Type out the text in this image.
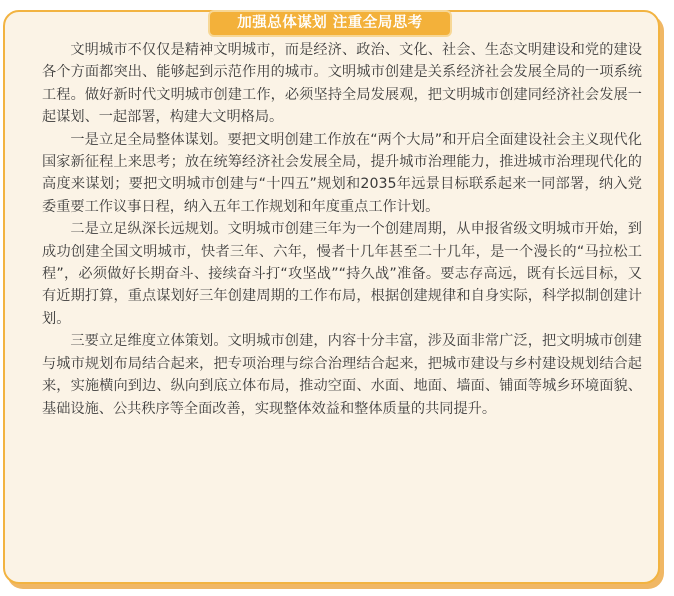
加强总体谋划 注重全局思考

文明城市不仅仅是精神文明城市，而是经济、政治、文化、社会、生态文明建设和党的建设各个方面都突出、能够起到示范作用的城市。文明城市创建是关系经济社会发展全局的一项系统工程。做好新时代文明城市创建工作，必须坚持全局发展观，把文明城市创建同经济社会发展一起谋划、一起部署，构建大文明格局。

一是立足全局整体谋划。要把文明创建工作放在“两个大局”和开启全面建设社会主义现代化国家新征程上来思考；放在统筹经济社会发展全局，提升城市治理能力，推进城市治理现代化的高度来谋划；要把文明城市创建与“十四五”规划和2035年远景目标联系起来一同部署，纳入党委重要工作议事日程，纳入五年工作规划和年度重点工作计划。

二是立足纵深长远规划。文明城市创建三年为一个创建周期，从申报省级文明城市开始，到成功创建全国文明城市，快者三年、六年，慢者十几年甚至二十几年，是一个漫长的“马拉松工程”，必须做好长期奋斗、接续奋斗打“攻坚战”“持久战”准备。要志存高远，既有长远目标，又有近期打算，重点谋划好三年创建周期的工作布局，根据创建规律和自身实际，科学拟制创建计划。

三要立足维度立体策划。文明城市创建，内容十分丰富，涉及面非常广泛，把文明城市创建与城市规划布局结合起来，把专项治理与综合治理结合起来，把城市建设与乡村建设规划结合起来，实施横向到边、纵向到底立体布局，推动空面、水面、地面、墙面、铺面等城乡环境面貌、基础设施、公共秩序等全面改善，实现整体效益和整体质量的共同提升。
